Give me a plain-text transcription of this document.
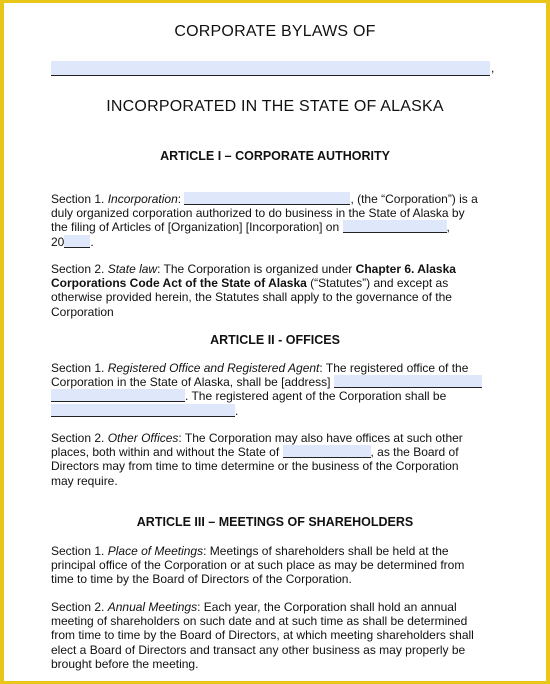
CORPORATE BYLAWS OF
,
INCORPORATED IN THE STATE OF ALASKA
ARTICLE I – CORPORATE AUTHORITY
Section 1. Incorporation:	, (the “Corporation”) is a
duly organized corporation authorized to do business in the State of Alaska by
the filing of Articles of [Organization] [Incorporation] on	,
20 .
Section 2. State law: The Corporation is organized under Chapter 6. Alaska
Corporations Code Act of the State of Alaska (“Statutes”) and except as
otherwise provided herein, the Statutes shall apply to the governance of the
Corporation
ARTICLE II - OFFICES
Section 1. Registered Office and Registered Agent: The registered office of the
Corporation in the State of Alaska, shall be [address]
. The registered agent of the Corporation shall be
.
Section 2. Other Offices: The Corporation may also have offices at such other
places, both within and without the State of	, as the Board of
Directors may from time to time determine or the business of the Corporation
may require.
ARTICLE III – MEETINGS OF SHAREHOLDERS
Section 1. Place of Meetings: Meetings of shareholders shall be held at the
principal office of the Corporation or at such place as may be determined from
time to time by the Board of Directors of the Corporation.
Section 2. Annual Meetings: Each year, the Corporation shall hold an annual
meeting of shareholders on such date and at such time as shall be determined
from time to time by the Board of Directors, at which meeting shareholders shall
elect a Board of Directors and transact any other business as may properly be
brought before the meeting.
